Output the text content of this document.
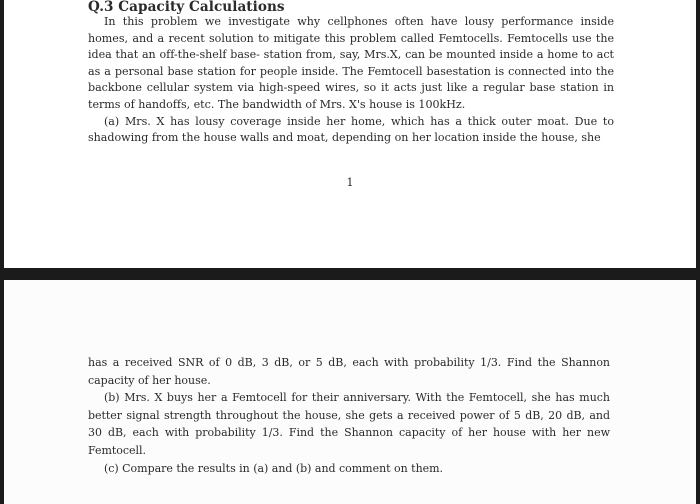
Q.3 Capacity Calculations

In this problem we investigate why cellphones often have lousy performance inside homes, and a recent solution to mitigate this problem called Femtocells. Femtocells use the idea that an off-the-shelf base- station from, say, Mrs.X, can be mounted inside a home to act as a personal base station for people inside. The Femtocell basestation is connected into the backbone cellular system via high-speed wires, so it acts just like a regular base station in terms of handoffs, etc. The bandwidth of Mrs. X's house is 100kHz.

(a) Mrs. X has lousy coverage inside her home, which has a thick outer moat. Due to shadowing from the house walls and moat, depending on her location inside the house, she

1

has a received SNR of 0 dB, 3 dB, or 5 dB, each with probability 1/3. Find the Shannon capacity of her house.

(b) Mrs. X buys her a Femtocell for their anniversary. With the Femtocell, she has much better signal strength throughout the house, she gets a received power of 5 dB, 20 dB, and 30 dB, each with probability 1/3. Find the Shannon capacity of her house with her new Femtocell.

(c) Compare the results in (a) and (b) and comment on them.
